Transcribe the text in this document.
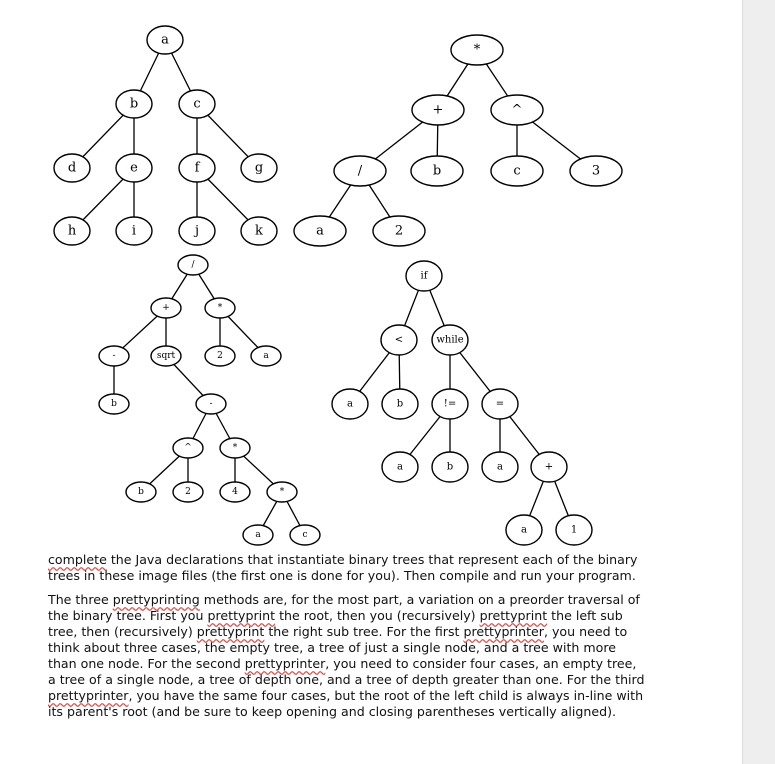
a
b	c
d	e	f	g
h	i	j	k
*
+	^
/	b	c	3
a	2
/
+	*
-	sqrt	2	a
b	-
^	*
b	2	4	*
a	c
if
<	while
a	b	!=	=
a	b	a	+
a	1

complete the Java declarations that instantiate binary trees that represent each of the binary trees in these image files (the first one is done for you). Then compile and run your program.

The three prettyprinting methods are, for the most part, a variation on a preorder traversal of the binary tree. First you prettyprint the root, then you (recursively) prettyprint the left sub tree, then (recursively) prettyprint the right sub tree. For the first prettyprinter, you need to think about three cases, the empty tree, a tree of just a single node, and a tree with more than one node. For the second prettyprinter, you need to consider four cases, an empty tree, a tree of a single node, a tree of depth one, and a tree of depth greater than one. For the third prettyprinter, you have the same four cases, but the root of the left child is always in-line with its parent's root (and be sure to keep opening and closing parentheses vertically aligned).
